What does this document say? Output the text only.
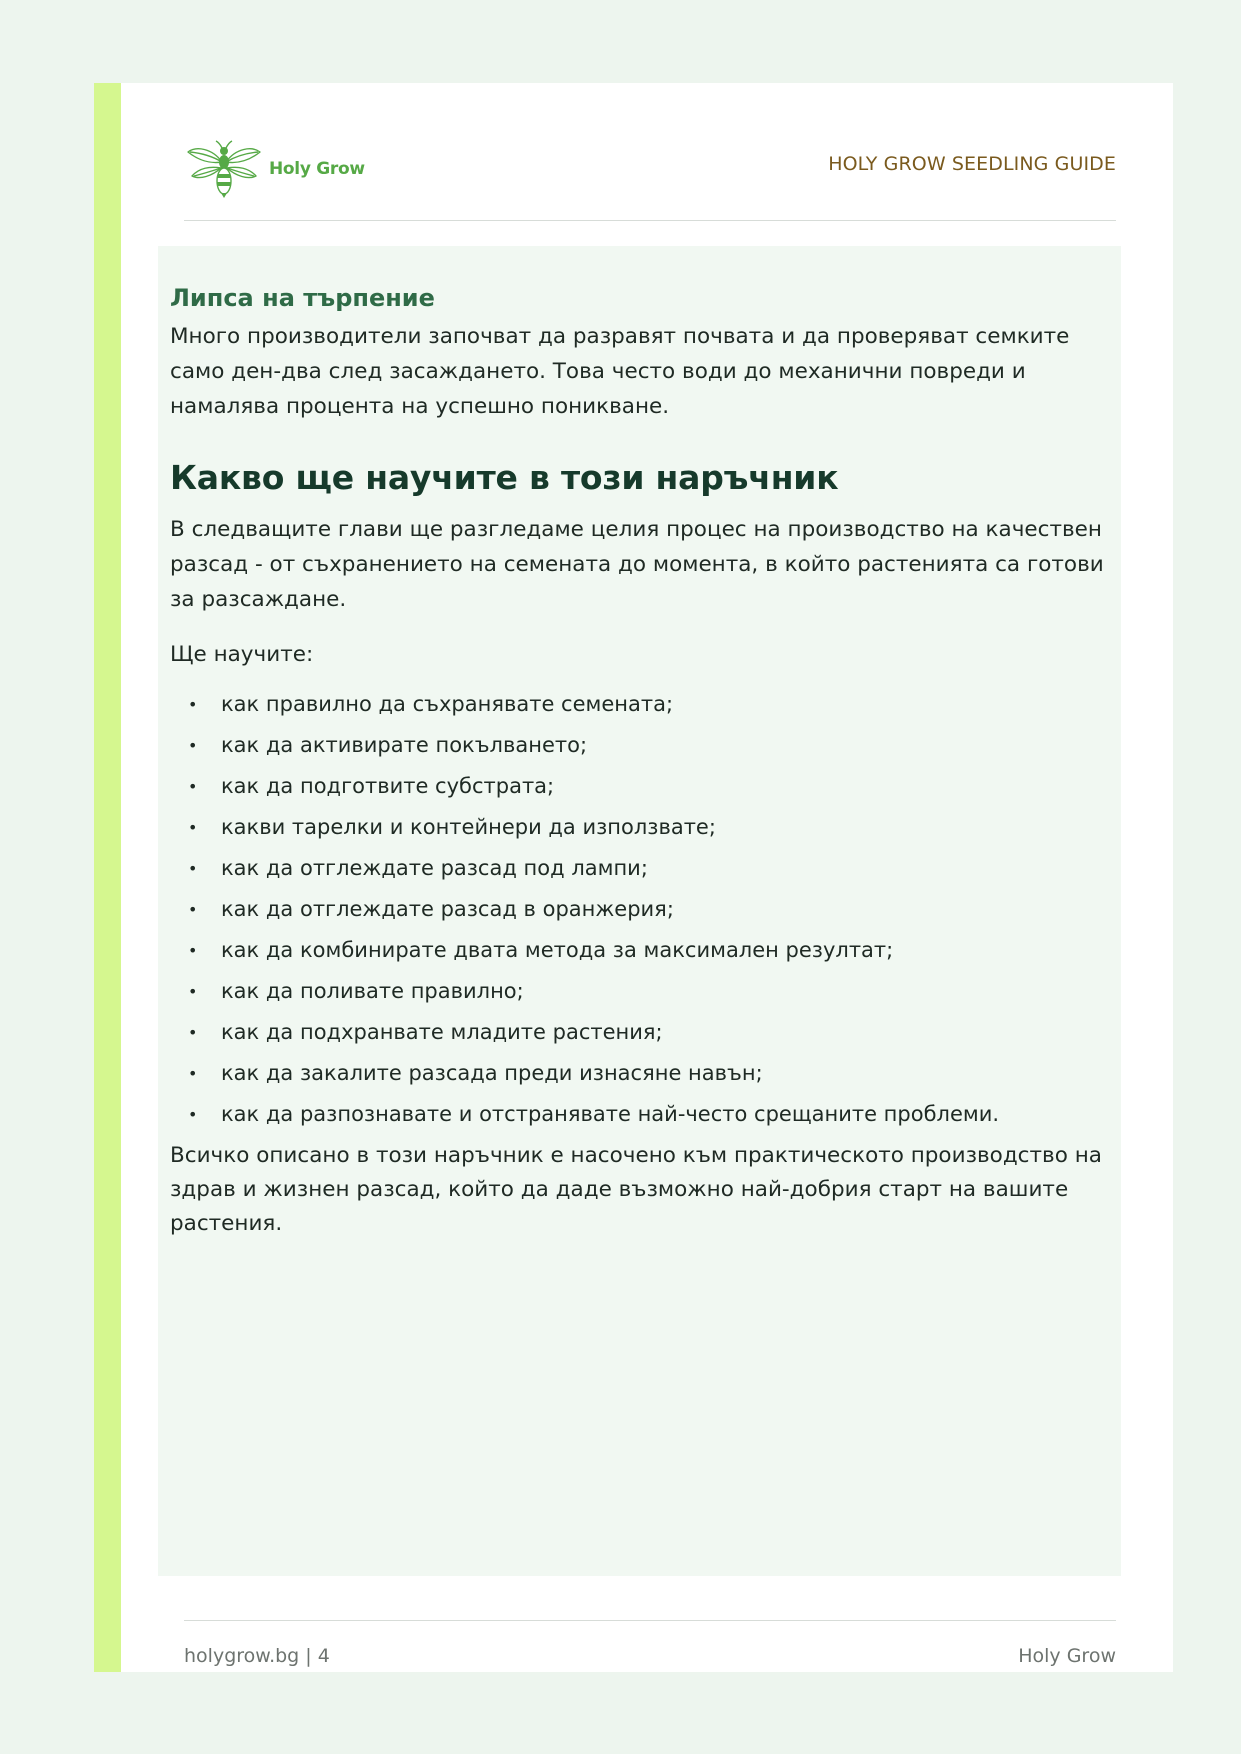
Holy Grow	HOLY GROW SEEDLING GUIDE
Липса на търпение

Много производители започват да разравят почвата и да проверяват семките само ден-два след засаждането. Това често води до механични повреди и намалява процента на успешно поникване.

Какво ще научите в този наръчник

В следващите глави ще разгледаме целия процес на производство на качествен разсад - от съхранението на семената до момента, в който растенията са готови за разсаждане.

Ще научите:

• как правилно да съхранявате семената;
• как да активирате покълването;
• как да подготвите субстрата;
• какви тарелки и контейнери да използвате;
• как да отглеждате разсад под лампи;
• как да отглеждате разсад в оранжерия;
• как да комбинирате двата метода за максимален резултат;
• как да поливате правилно;
• как да подхранвате младите растения;
• как да закалите разсада преди изнасяне навън;
• как да разпознавате и отстранявате най-често срещаните проблеми.

Всичко описано в този наръчник е насочено към практическото производство на здрав и жизнен разсад, който да даде възможно най-добрия старт на вашите растения.

holygrow.bg | 4	Holy Grow
